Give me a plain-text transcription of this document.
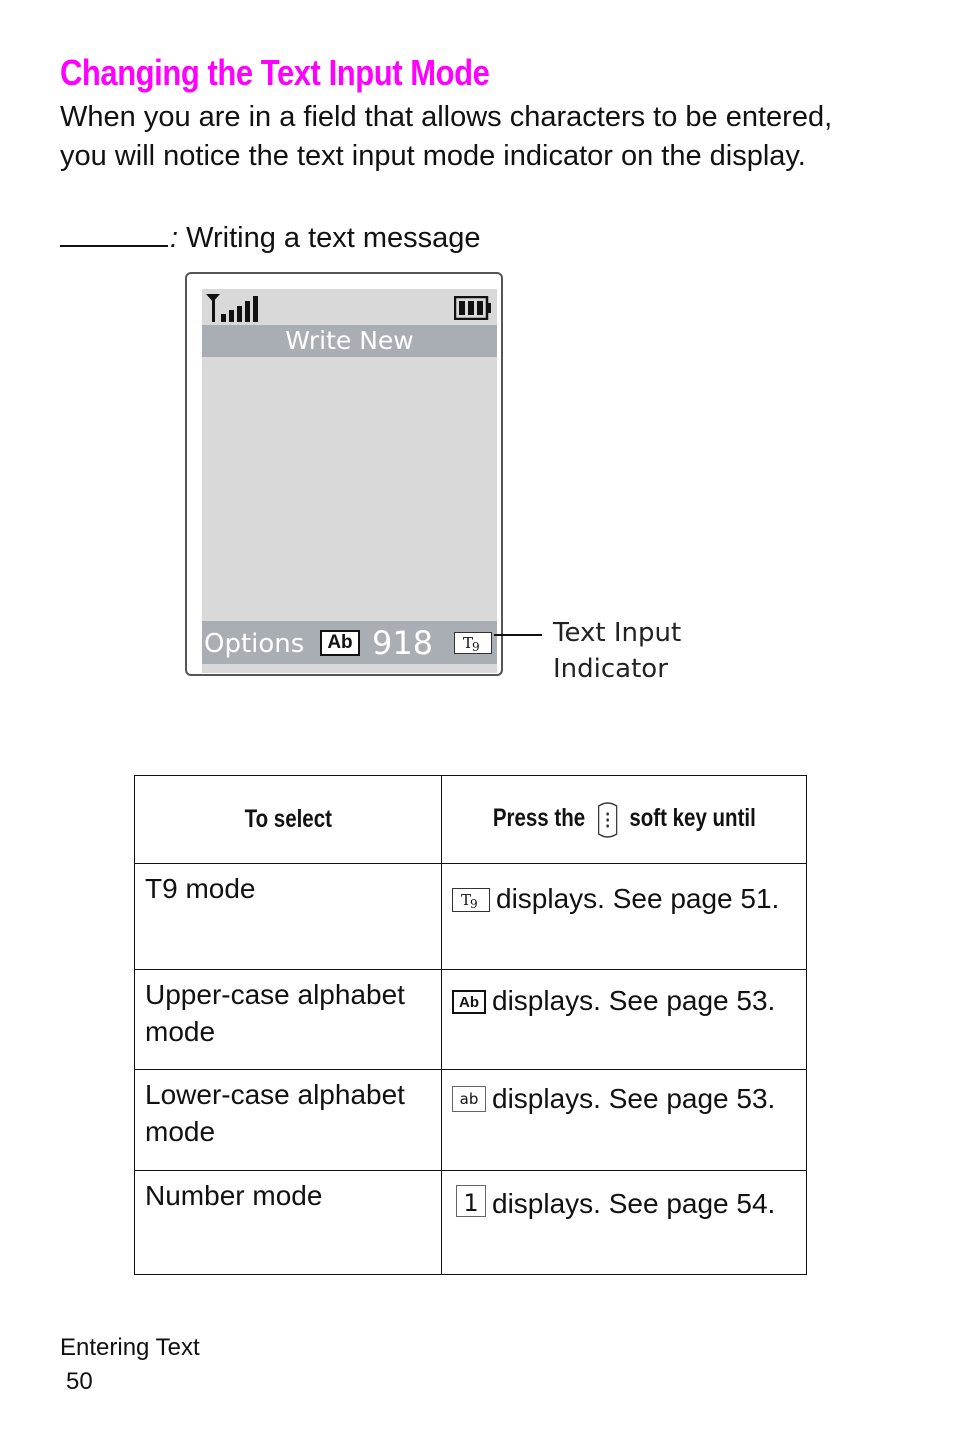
Changing the Text Input Mode

When you are in a field that allows characters to be entered, you will notice the text input mode indicator on the display.

: Writing a text message

Write New
Options	Ab 918 T
9	Text Input Indicator
To select	Press the soft key until
T9 mode	T
9 displays. See page 51.
Upper-case alphabet mode	Ab displays. See page 53.
Lower-case alphabet mode	ab displays. See page 53.
Number mode	1 displays. See page 54.
Entering Text
50
